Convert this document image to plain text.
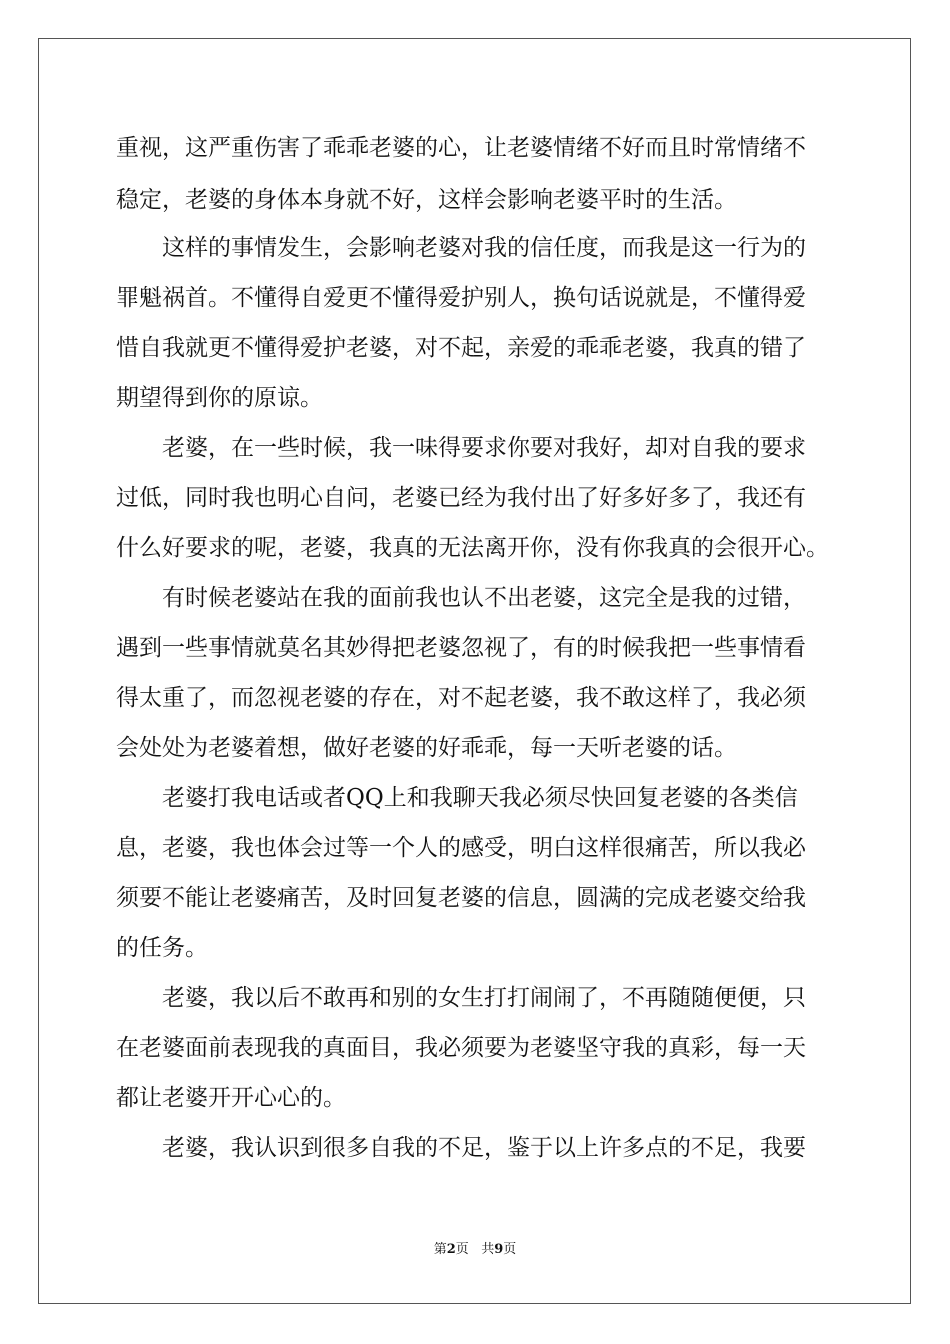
重视，这严重伤害了乖乖老婆的心，让老婆情绪不好而且时常情绪不
稳定，老婆的身体本身就不好，这样会影响老婆平时的生活。
　　这样的事情发生，会影响老婆对我的信任度，而我是这一行为的
罪魁祸首。不懂得自爱更不懂得爱护别人，换句话说就是，不懂得爱
惜自我就更不懂得爱护老婆，对不起，亲爱的乖乖老婆，我真的错了
期望得到你的原谅。
　　老婆，在一些时候，我一味得要求你要对我好，却对自我的要求
过低，同时我也明心自问，老婆已经为我付出了好多好多了，我还有
什么好要求的呢，老婆，我真的无法离开你，没有你我真的会很开心。
　　有时候老婆站在我的面前我也认不出老婆，这完全是我的过错，
遇到一些事情就莫名其妙得把老婆忽视了，有的时候我把一些事情看
得太重了，而忽视老婆的存在，对不起老婆，我不敢这样了，我必须
会处处为老婆着想，做好老婆的好乖乖，每一天听老婆的话。
　　老婆打我电话或者QQ上和我聊天我必须尽快回复老婆的各类信
息，老婆，我也体会过等一个人的感受，明白这样很痛苦，所以我必
须要不能让老婆痛苦，及时回复老婆的信息，圆满的完成老婆交给我
的任务。
　　老婆，我以后不敢再和别的女生打打闹闹了，不再随随便便，只
在老婆面前表现我的真面目，我必须要为老婆坚守我的真彩，每一天
都让老婆开开心心的。
　　老婆，我认识到很多自我的不足，鉴于以上许多点的不足，我要
第2页 共9页
